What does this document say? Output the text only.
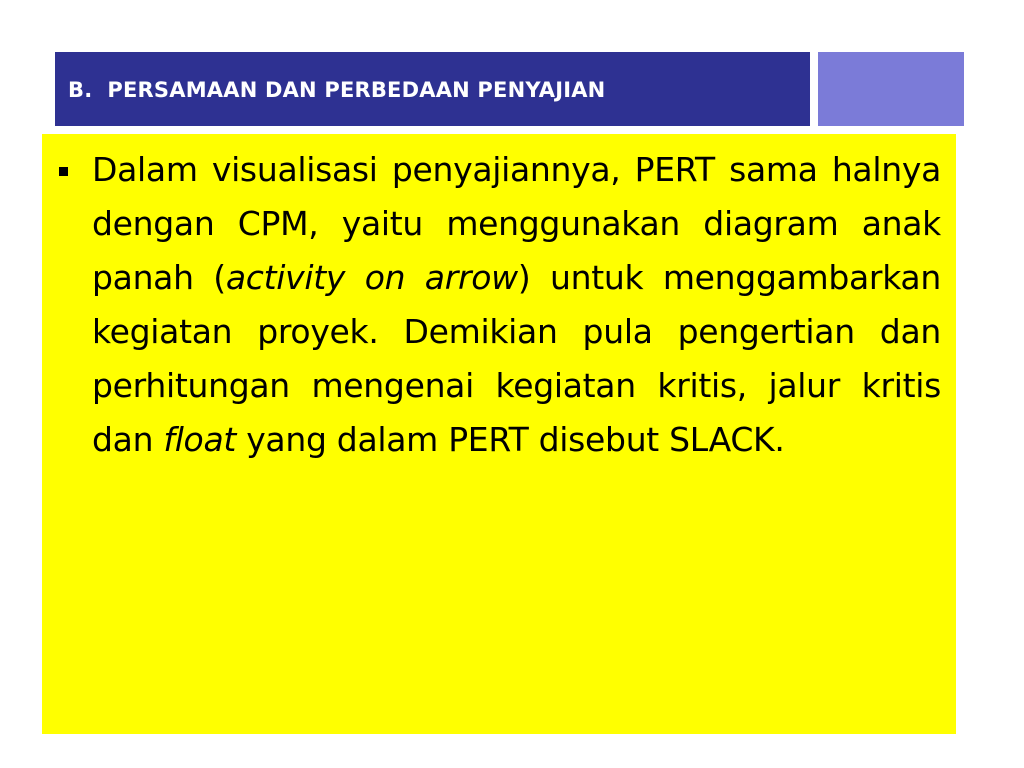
B.  PERSAMAAN DAN PERBEDAAN PENYAJIAN

Dalam visualisasi penyajiannya, PERT sama halnya dengan CPM, yaitu menggunakan diagram anak panah (activity on arrow) untuk menggambarkan kegiatan proyek. Demikian pula pengertian dan perhitungan mengenai kegiatan kritis, jalur kritis dan float yang dalam PERT disebut SLACK.
